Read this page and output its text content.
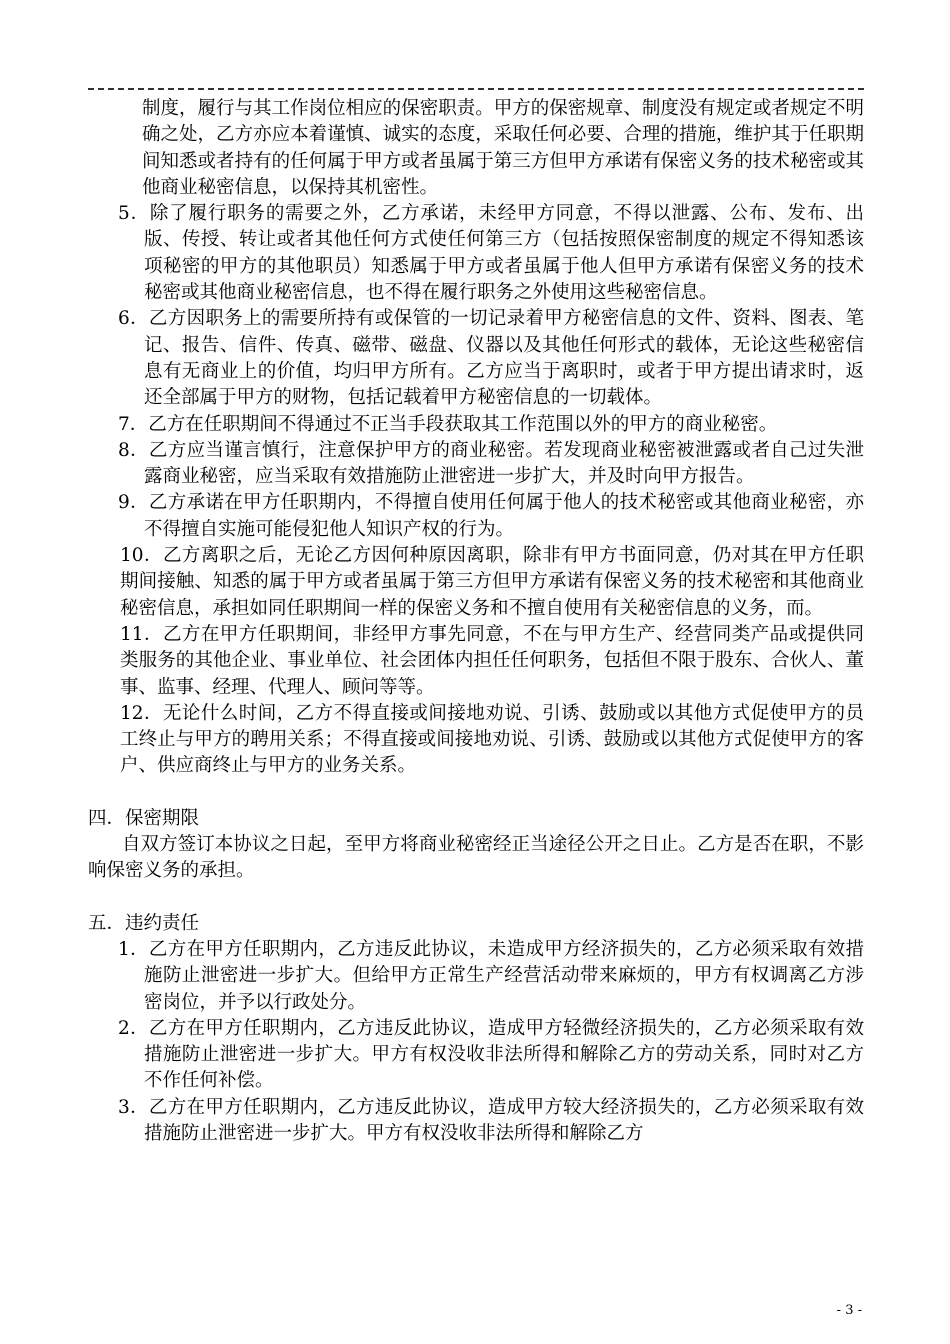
制度，履行与其工作岗位相应的保密职责。甲方的保密规章、制度没有规定或者规定不明确之处，乙方亦应本着谨慎、诚实的态度，采取任何必要、合理的措施，维护其于任职期间知悉或者持有的任何属于甲方或者虽属于第三方但甲方承诺有保密义务的技术秘密或其他商业秘密信息，以保持其机密性。

5．除了履行职务的需要之外，乙方承诺，未经甲方同意，不得以泄露、公布、发布、出版、传授、转让或者其他任何方式使任何第三方（包括按照保密制度的规定不得知悉该项秘密的甲方的其他职员）知悉属于甲方或者虽属于他人但甲方承诺有保密义务的技术秘密或其他商业秘密信息，也不得在履行职务之外使用这些秘密信息。

6．乙方因职务上的需要所持有或保管的一切记录着甲方秘密信息的文件、资料、图表、笔记、报告、信件、传真、磁带、磁盘、仪器以及其他任何形式的载体，无论这些秘密信息有无商业上的价值，均归甲方所有。乙方应当于离职时，或者于甲方提出请求时，返还全部属于甲方的财物，包括记载着甲方秘密信息的一切载体。

7．乙方在任职期间不得通过不正当手段获取其工作范围以外的甲方的商业秘密。

8．乙方应当谨言慎行，注意保护甲方的商业秘密。若发现商业秘密被泄露或者自己过失泄露商业秘密，应当采取有效措施防止泄密进一步扩大，并及时向甲方报告。

9．乙方承诺在甲方任职期内，不得擅自使用任何属于他人的技术秘密或其他商业秘密，亦不得擅自实施可能侵犯他人知识产权的行为。

10．乙方离职之后，无论乙方因何种原因离职，除非有甲方书面同意，仍对其在甲方任职期间接触、知悉的属于甲方或者虽属于第三方但甲方承诺有保密义务的技术秘密和其他商业秘密信息，承担如同任职期间一样的保密义务和不擅自使用有关秘密信息的义务，而。

11．乙方在甲方任职期间，非经甲方事先同意，不在与甲方生产、经营同类产品或提供同类服务的其他企业、事业单位、社会团体内担任任何职务，包括但不限于股东、合伙人、董事、监事、经理、代理人、顾问等等。

12．无论什么时间，乙方不得直接或间接地劝说、引诱、鼓励或以其他方式促使甲方的员工终止与甲方的聘用关系；不得直接或间接地劝说、引诱、鼓励或以其他方式促使甲方的客户、供应商终止与甲方的业务关系。

四．保密期限

自双方签订本协议之日起，至甲方将商业秘密经正当途径公开之日止。乙方是否在职，不影响保密义务的承担。

五．违约责任

1．乙方在甲方任职期内，乙方违反此协议，未造成甲方经济损失的，乙方必须采取有效措施防止泄密进一步扩大。但给甲方正常生产经营活动带来麻烦的，甲方有权调离乙方涉密岗位，并予以行政处分。

2．乙方在甲方任职期内，乙方违反此协议，造成甲方轻微经济损失的，乙方必须采取有效措施防止泄密进一步扩大。甲方有权没收非法所得和解除乙方的劳动关系，同时对乙方不作任何补偿。

3．乙方在甲方任职期内，乙方违反此协议，造成甲方较大经济损失的，乙方必须采取有效措施防止泄密进一步扩大。甲方有权没收非法所得和解除乙方

- 3 -
